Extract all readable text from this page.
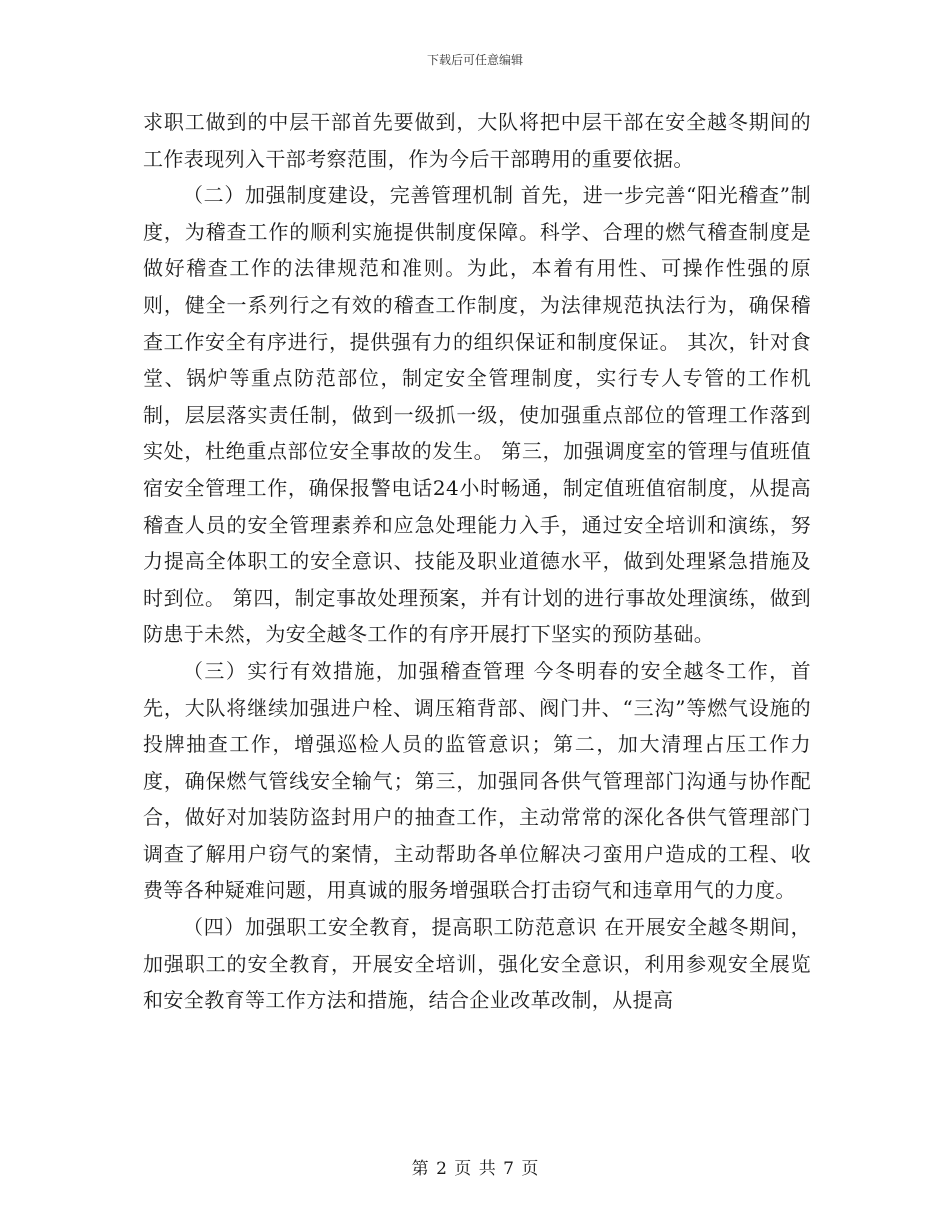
下载后可任意编辑

求职工做到的中层干部首先要做到，大队将把中层干部在安全越冬期间的工作表现列入干部考察范围，作为今后干部聘用的重要依据。

（二）加强制度建设，完善管理机制 首先，进一步完善“阳光稽查”制度，为稽查工作的顺利实施提供制度保障。科学、合理的燃气稽查制度是做好稽查工作的法律规范和准则。为此，本着有用性、可操作性强的原则，健全一系列行之有效的稽查工作制度，为法律规范执法行为，确保稽查工作安全有序进行，提供强有力的组织保证和制度保证。 其次，针对食堂、锅炉等重点防范部位，制定安全管理制度，实行专人专管的工作机制，层层落实责任制，做到一级抓一级，使加强重点部位的管理工作落到实处，杜绝重点部位安全事故的发生。 第三，加强调度室的管理与值班值宿安全管理工作，确保报警电话24小时畅通，制定值班值宿制度，从提高稽查人员的安全管理素养和应急处理能力入手，通过安全培训和演练，努力提高全体职工的安全意识、技能及职业道德水平，做到处理紧急措施及时到位。 第四，制定事故处理预案，并有计划的进行事故处理演练，做到防患于未然，为安全越冬工作的有序开展打下坚实的预防基础。

（三）实行有效措施，加强稽查管理 今冬明春的安全越冬工作，首先，大队将继续加强进户栓、调压箱背部、阀门井、“三沟”等燃气设施的投牌抽查工作，增强巡检人员的监管意识；第二，加大清理占压工作力度，确保燃气管线安全输气；第三，加强同各供气管理部门沟通与协作配合，做好对加装防盗封用户的抽查工作，主动常常的深化各供气管理部门调查了解用户窃气的案情，主动帮助各单位解决刁蛮用户造成的工程、收费等各种疑难问题，用真诚的服务增强联合打击窃气和违章用气的力度。

（四）加强职工安全教育，提高职工防范意识 在开展安全越冬期间，加强职工的安全教育，开展安全培训，强化安全意识，利用参观安全展览和安全教育等工作方法和措施，结合企业改革改制，从提高

第 2 页 共 7 页
